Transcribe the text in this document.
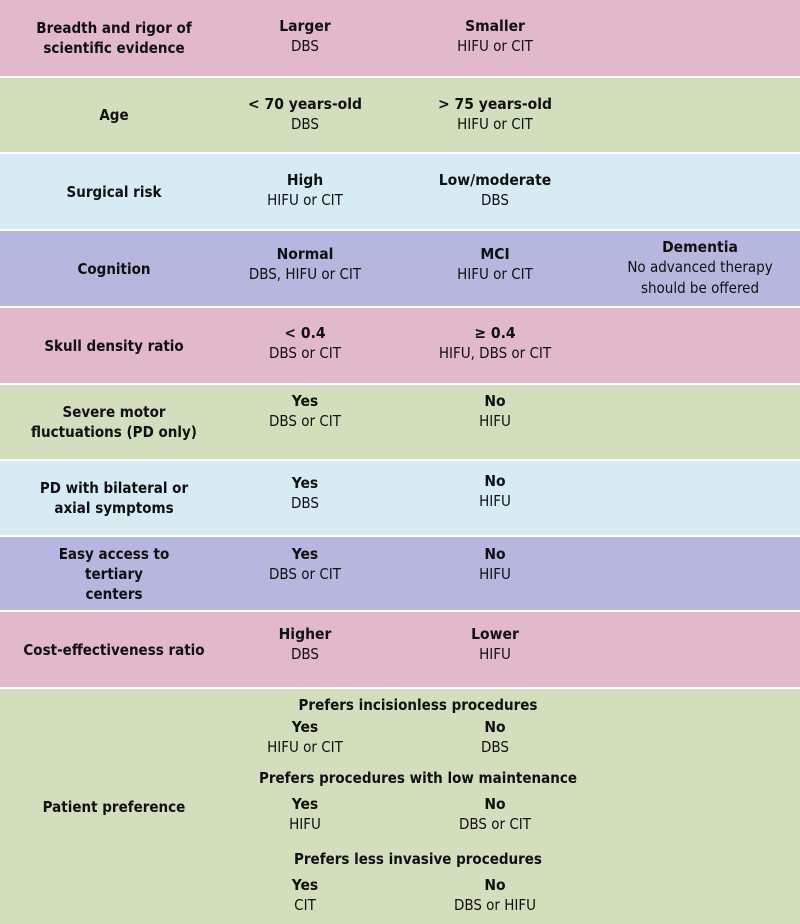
Breadth and rigor of scientific evidence
Larger
DBS
Smaller
HIFU or CIT
Age
< 70 years-old
DBS
> 75 years-old
HIFU or CIT
Surgical risk
High
HIFU or CIT
Low/moderate
DBS
Cognition
Normal
DBS, HIFU or CIT
MCI
HIFU or CIT
Dementia
No advanced therapy should be offered
Skull density ratio
< 0.4
DBS or CIT
≥ 0.4
HIFU, DBS or CIT
Severe motor fluctuations (PD only)
Yes
DBS or CIT
No
HIFU
PD with bilateral or axial symptoms
Yes
DBS
No
HIFU
Easy access to tertiary centers
Yes
DBS or CIT
No
HIFU
Cost-effectiveness ratio
Higher
DBS
Lower
HIFU
Patient preference
Prefers incisionless procedures
Yes
HIFU or CIT
No
DBS
Prefers procedures with low maintenance
Yes
HIFU
No
DBS or CIT
Prefers less invasive procedures
Yes
CIT
No
DBS or HIFU
